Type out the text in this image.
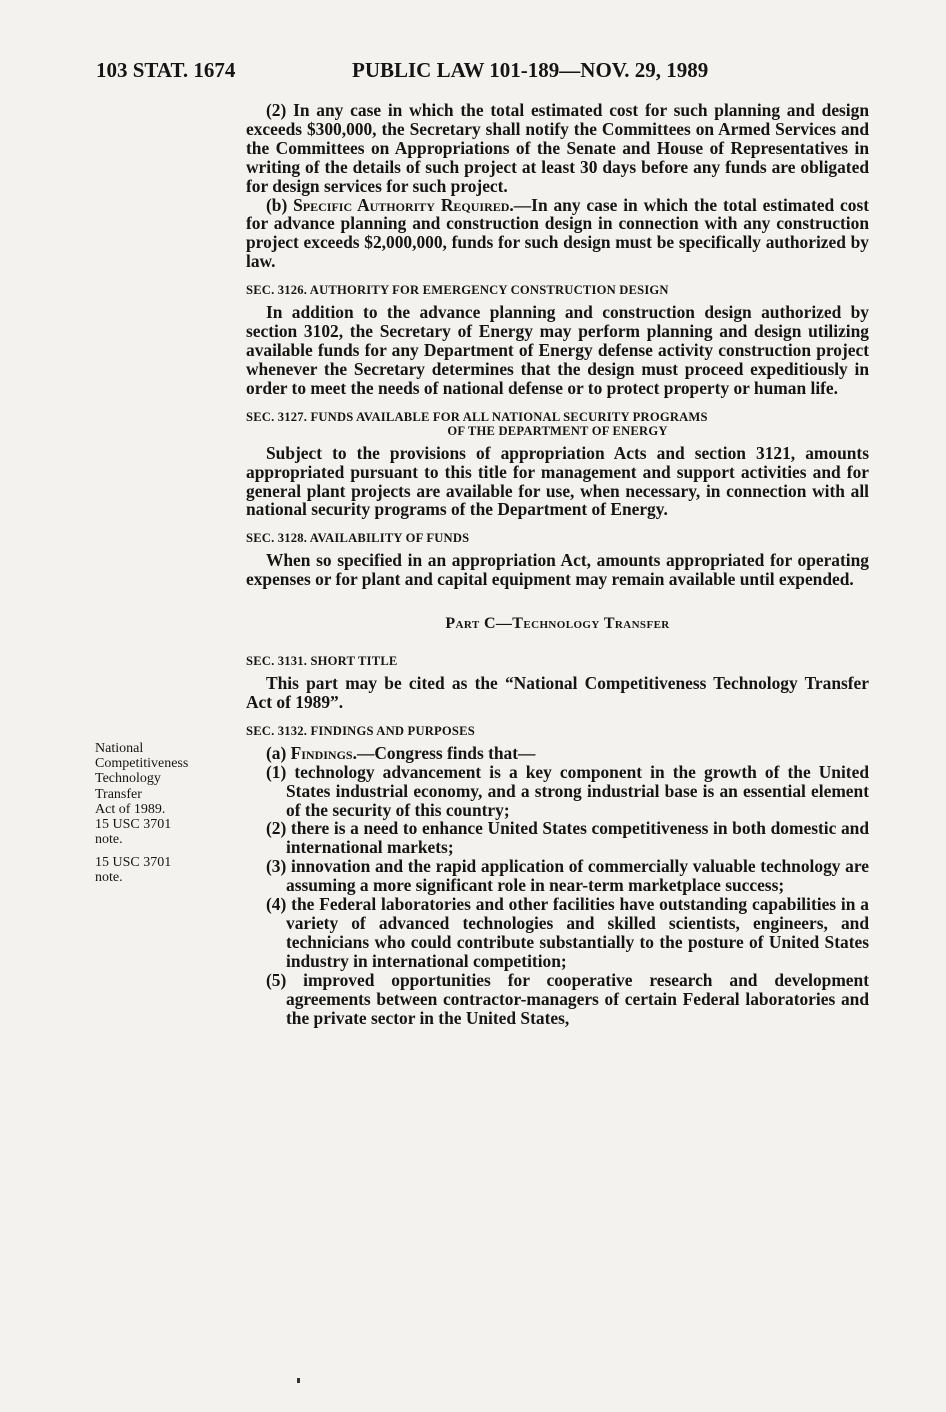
103 STAT. 1674	PUBLIC LAW 101-189—NOV. 29, 1989
National
Competitiveness
Technology
Transfer
Act of 1989.
15 USC 3701
note.
15 USC 3701
note.

(2) In any case in which the total estimated cost for such planning and design exceeds $300,000, the Secretary shall notify the Committees on Armed Services and the Committees on Appropriations of the Senate and House of Representatives in writing of the details of such project at least 30 days before any funds are obligated for design services for such project.

(b) Specific Authority Required.—In any case in which the total estimated cost for advance planning and construction design in connection with any construction project exceeds $2,000,000, funds for such design must be specifically authorized by law.

SEC. 3126. AUTHORITY FOR EMERGENCY CONSTRUCTION DESIGN

In addition to the advance planning and construction design authorized by section 3102, the Secretary of Energy may perform planning and design utilizing available funds for any Department of Energy defense activity construction project whenever the Secretary determines that the design must proceed expeditiously in order to meet the needs of national defense or to protect property or human life.

SEC. 3127. FUNDS AVAILABLE FOR ALL NATIONAL SECURITY PROGRAMS
OF THE DEPARTMENT OF ENERGY

Subject to the provisions of appropriation Acts and section 3121, amounts appropriated pursuant to this title for management and support activities and for general plant projects are available for use, when necessary, in connection with all national security programs of the Department of Energy.

SEC. 3128. AVAILABILITY OF FUNDS

When so specified in an appropriation Act, amounts appropriated for operating expenses or for plant and capital equipment may remain available until expended.

Part C—Technology Transfer
SEC. 3131. SHORT TITLE

This part may be cited as the “National Competitiveness Technology Transfer Act of 1989”.

SEC. 3132. FINDINGS AND PURPOSES

(a) Findings.—Congress finds that—

(1) technology advancement is a key component in the growth of the United States industrial economy, and a strong industrial base is an essential element of the security of this country;

(2) there is a need to enhance United States competitiveness in both domestic and international markets;

(3) innovation and the rapid application of commercially valuable technology are assuming a more significant role in near-term marketplace success;

(4) the Federal laboratories and other facilities have outstanding capabilities in a variety of advanced technologies and skilled scientists, engineers, and technicians who could contribute substantially to the posture of United States industry in international competition;

(5) improved opportunities for cooperative research and development agreements between contractor-managers of certain Federal laboratories and the private sector in the United States,
